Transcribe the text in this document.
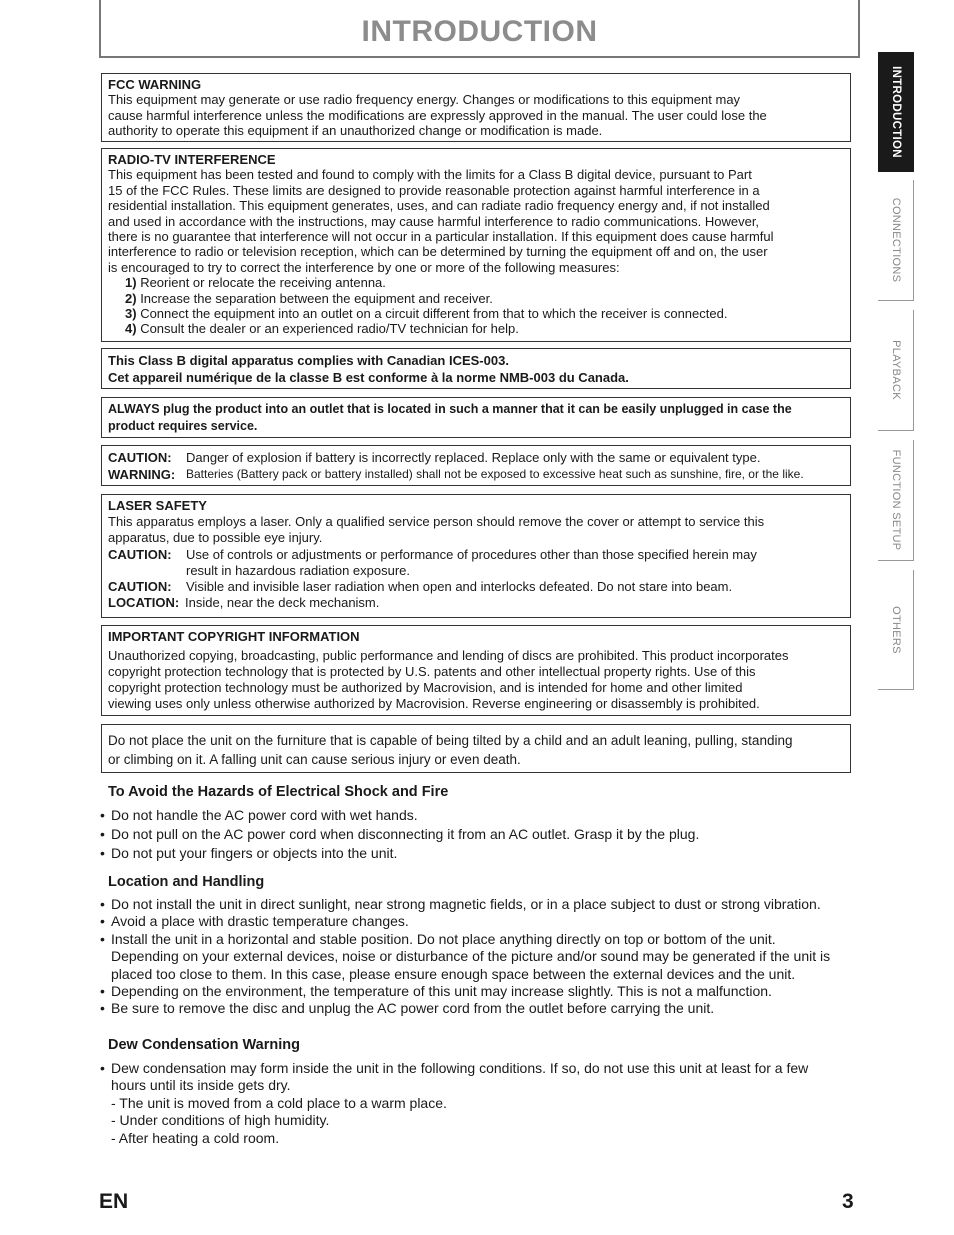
INTRODUCTION
INTRODUCTION
CONNECTIONS
PLAYBACK
FUNCTION SETUP
OTHERS

FCC WARNING

This equipment may generate or use radio frequency energy. Changes or modifications to this equipment may

cause harmful interference unless the modifications are expressly approved in the manual. The user could lose the

authority to operate this equipment if an unauthorized change or modification is made.

RADIO-TV INTERFERENCE

This equipment has been tested and found to comply with the limits for a Class B digital device, pursuant to Part

15 of the FCC Rules. These limits are designed to provide reasonable protection against harmful interference in a

residential installation. This equipment generates, uses, and can radiate radio frequency energy and, if not installed

and used in accordance with the instructions, may cause harmful interference to radio communications. However,

there is no guarantee that interference will not occur in a particular installation. If this equipment does cause harmful

interference to radio or television reception, which can be determined by turning the equipment off and on, the user

is encouraged to try to correct the interference by one or more of the following measures:

1) Reorient or relocate the receiving antenna.

2) Increase the separation between the equipment and receiver.

3) Connect the equipment into an outlet on a circuit different from that to which the receiver is connected.

4) Consult the dealer or an experienced radio/TV technician for help.

This Class B digital apparatus complies with Canadian ICES-003.

Cet appareil numérique de la classe B est conforme à la norme NMB-003 du Canada.

ALWAYS plug the product into an outlet that is located in such a manner that it can be easily unplugged in case the

product requires service.

CAUTION:	Danger of explosion if battery is incorrectly replaced. Replace only with the same or equivalent type.
WARNING: Batteries (Battery pack or battery installed) shall not be exposed to excessive heat such as sunshine, fire, or the like.

LASER SAFETY

This apparatus employs a laser. Only a qualified service person should remove the cover or attempt to service this

apparatus, due to possible eye injury.

CAUTION:	Use of controls or adjustments or performance of procedures other than those specified herein may
result in hazardous radiation exposure.
CAUTION:	Visible and invisible laser radiation when open and interlocks defeated. Do not stare into beam.
LOCATION: Inside, near the deck mechanism.

IMPORTANT COPYRIGHT INFORMATION

Unauthorized copying, broadcasting, public performance and lending of discs are prohibited. This product incorporates

copyright protection technology that is protected by U.S. patents and other intellectual property rights. Use of this

copyright protection technology must be authorized by Macrovision, and is intended for home and other limited

viewing uses only unless otherwise authorized by Macrovision. Reverse engineering or disassembly is prohibited.

Do not place the unit on the furniture that is capable of being tilted by a child and an adult leaning, pulling, standing

or climbing on it. A falling unit can cause serious injury or even death.

To Avoid the Hazards of Electrical Shock and Fire
• Do not handle the AC power cord with wet hands.
• Do not pull on the AC power cord when disconnecting it from an AC outlet. Grasp it by the plug.
• Do not put your fingers or objects into the unit.
Location and Handling
• Do not install the unit in direct sunlight, near strong magnetic fields, or in a place subject to dust or strong vibration.
• Avoid a place with drastic temperature changes.
• Install the unit in a horizontal and stable position. Do not place anything directly on top or bottom of the unit.
Depending on your external devices, noise or disturbance of the picture and/or sound may be generated if the unit is
placed too close to them. In this case, please ensure enough space between the external devices and the unit.
• Depending on the environment, the temperature of this unit may increase slightly. This is not a malfunction.
• Be sure to remove the disc and unplug the AC power cord from the outlet before carrying the unit.
Dew Condensation Warning
• Dew condensation may form inside the unit in the following conditions. If so, do not use this unit at least for a few
hours until its inside gets dry.
- The unit is moved from a cold place to a warm place.
- Under conditions of high humidity.
- After heating a cold room.
EN	3
